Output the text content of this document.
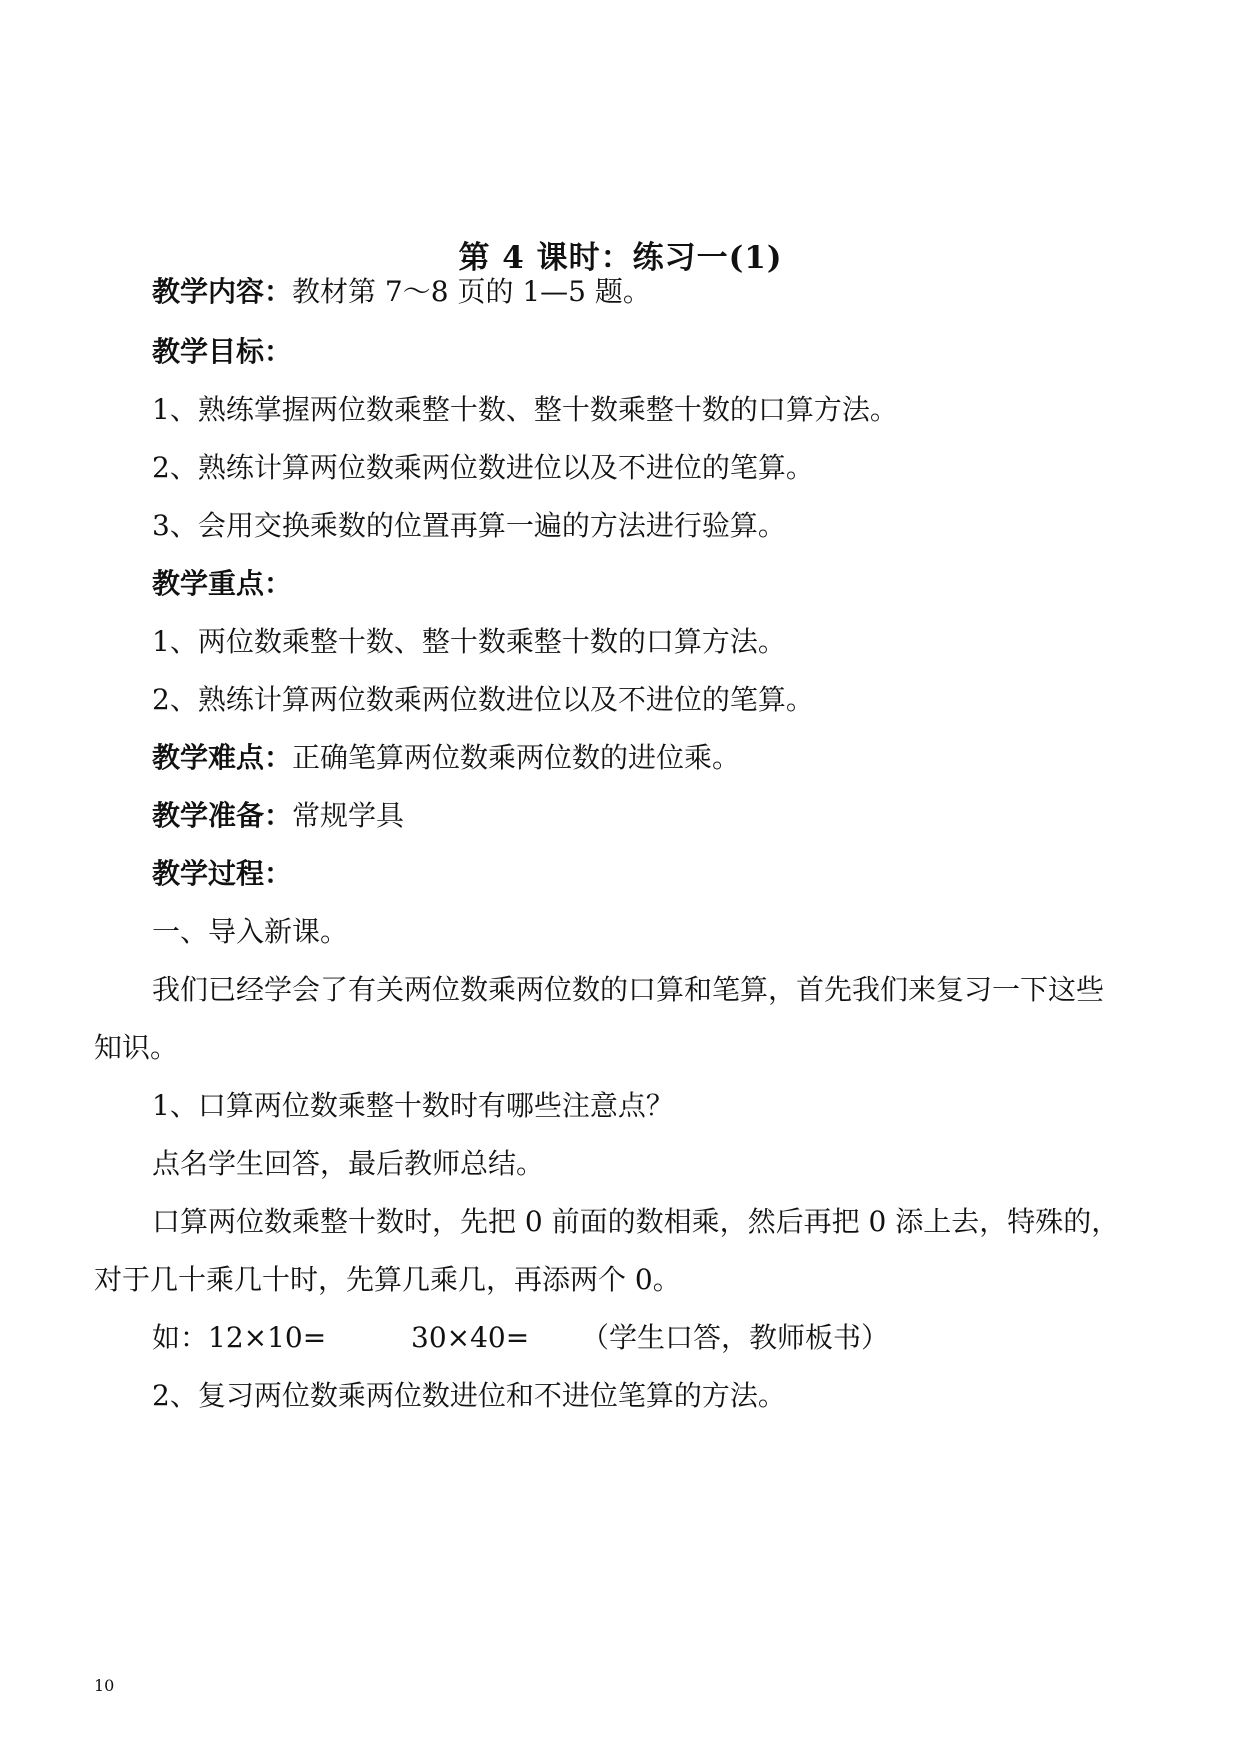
第 4 课时：练习一(1)
教学内容：教材第 7～8 页的 1—5 题。
教学目标：
1、熟练掌握两位数乘整十数、整十数乘整十数的口算方法。
2、熟练计算两位数乘两位数进位以及不进位的笔算。
3、会用交换乘数的位置再算一遍的方法进行验算。
教学重点：
1、两位数乘整十数、整十数乘整十数的口算方法。
2、熟练计算两位数乘两位数进位以及不进位的笔算。
教学难点：正确笔算两位数乘两位数的进位乘。
教学准备：常规学具
教学过程：
一、导入新课。
我们已经学会了有关两位数乘两位数的口算和笔算，首先我们来复习一下这些
知识。
1、口算两位数乘整十数时有哪些注意点？
点名学生回答，最后教师总结。
口算两位数乘整十数时，先把 0 前面的数相乘，然后再把 0 添上去，特殊的，
对于几十乘几十时，先算几乘几，再添两个 0。
如：12×10=	30×40= （学生口答，教师板书）
2、复习两位数乘两位数进位和不进位笔算的方法。
10
